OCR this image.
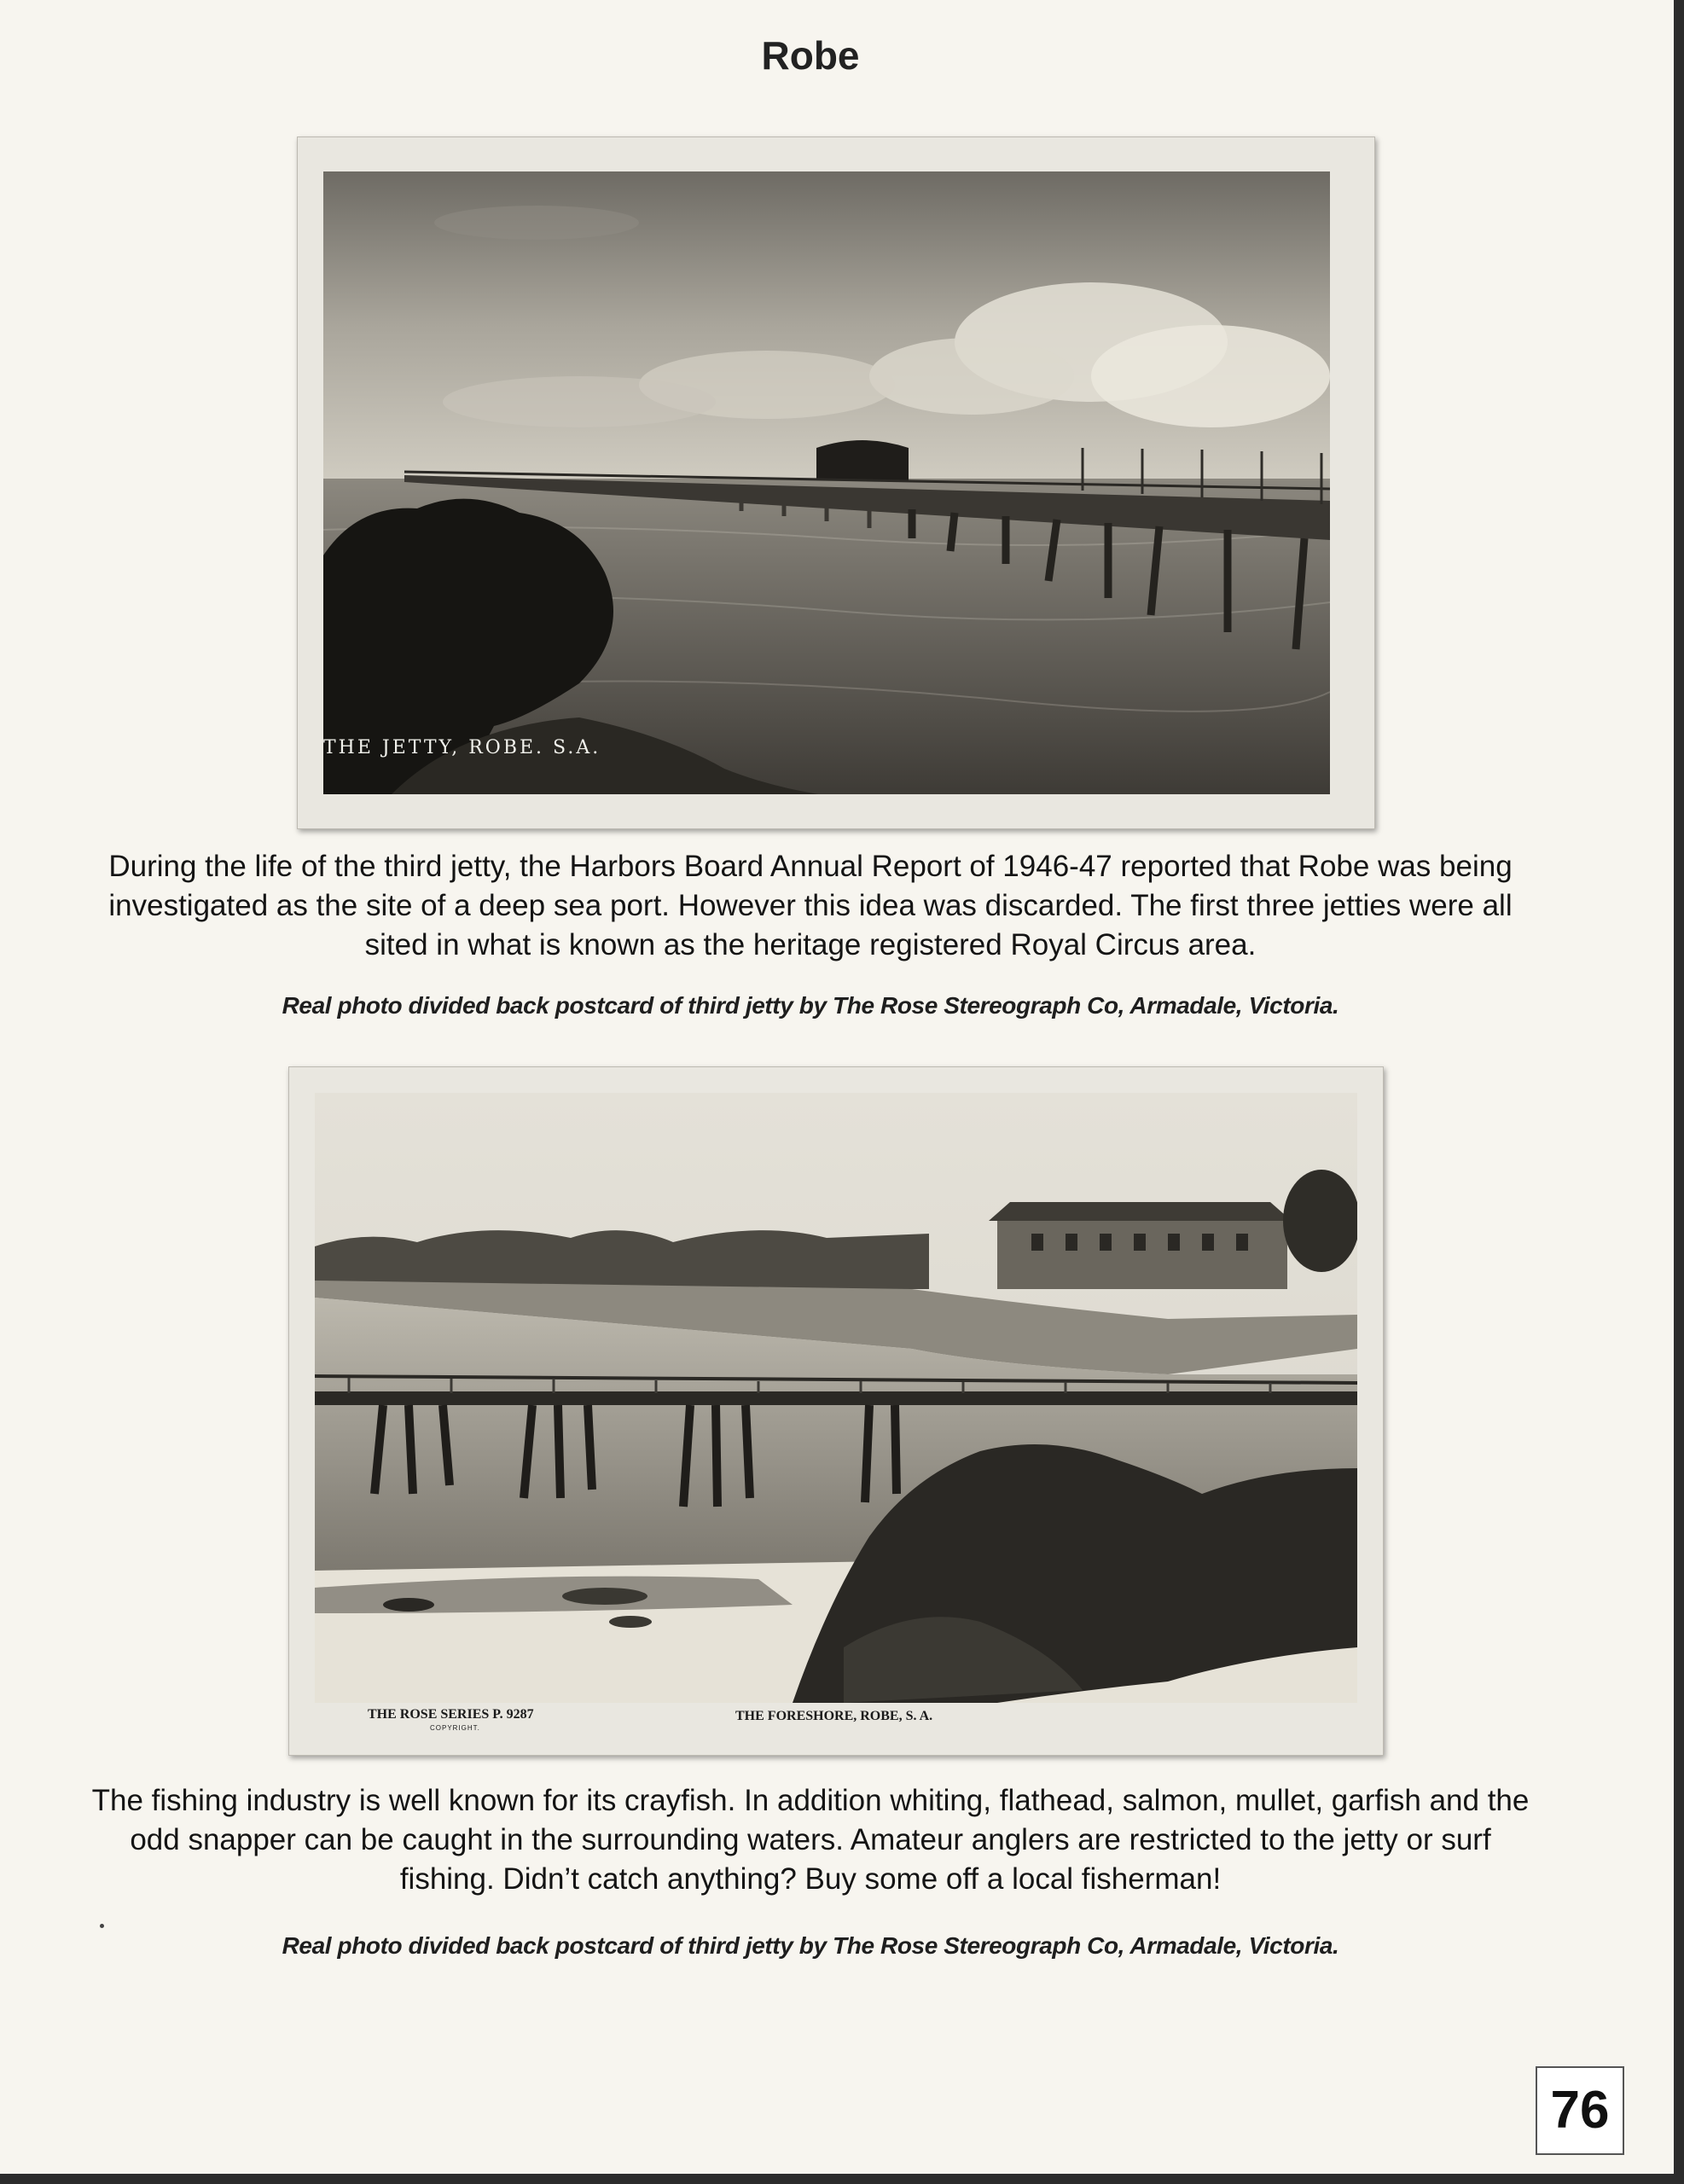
Robe
THE JETTY, ROBE. S.A.
During the life of the third jetty, the Harbors Board Annual Report of 1946-47 reported that Robe was being investigated as the site of a deep sea port. However this idea was discarded. The first three jetties were all sited in what is known as the heritage registered Royal Circus area.
Real photo divided back postcard of third jetty by The Rose Stereograph Co, Armadale, Victoria.
THE ROSE SERIES P. 9287
COPYRIGHT.
THE FORESHORE, ROBE, S. A.
The fishing industry is well known for its crayfish. In addition whiting, flathead, salmon, mullet, garfish and the odd snapper can be caught in the surrounding waters. Amateur anglers are restricted to the jetty or surf fishing. Didn’t catch anything? Buy some off a local fisherman!
Real photo divided back postcard of third jetty by The Rose Stereograph Co, Armadale, Victoria.
76
